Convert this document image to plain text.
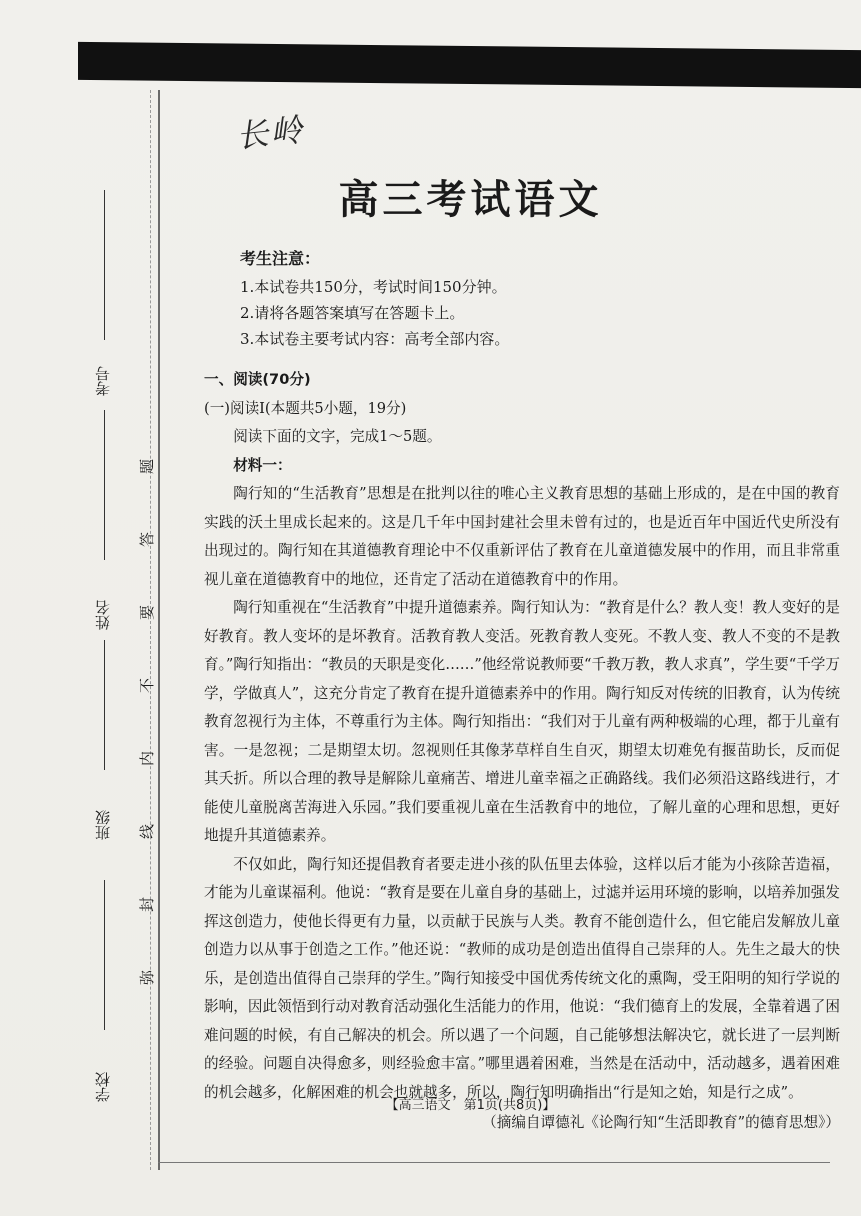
考号
姓名
班级
学校
题
答
要
不
内
线
封
弥
长岭
高三考试语文
考生注意：
1.本试卷共150分，考试时间150分钟。
2.请将各题答案填写在答题卡上。
3.本试卷主要考试内容：高考全部内容。
一、阅读(70分)
(一)阅读Ⅰ(本题共5小题，19分)
阅读下面的文字，完成1～5题。
材料一：
陶行知的“生活教育”思想是在批判以往的唯心主义教育思想的基础上形成的，是在中国的教育实践的沃土里成长起来的。这是几千年中国封建社会里未曾有过的，也是近百年中国近代史所没有出现过的。陶行知在其道德教育理论中不仅重新评估了教育在儿童道德发展中的作用，而且非常重视儿童在道德教育中的地位，还肯定了活动在道德教育中的作用。
陶行知重视在“生活教育”中提升道德素养。陶行知认为：“教育是什么？教人变！教人变好的是好教育。教人变坏的是坏教育。活教育教人变活。死教育教人变死。不教人变、教人不变的不是教育。”陶行知指出：“教员的天职是变化……”他经常说教师要“千教万教，教人求真”，学生要“千学万学，学做真人”，这充分肯定了教育在提升道德素养中的作用。陶行知反对传统的旧教育，认为传统教育忽视行为主体，不尊重行为主体。陶行知指出：“我们对于儿童有两种极端的心理，都于儿童有害。一是忽视；二是期望太切。忽视则任其像茅草样自生自灭，期望太切难免有揠苗助长，反而促其夭折。所以合理的教导是解除儿童痛苦、增进儿童幸福之正确路线。我们必须沿这路线进行，才能使儿童脱离苦海进入乐园。”我们要重视儿童在生活教育中的地位，了解儿童的心理和思想，更好地提升其道德素养。
不仅如此，陶行知还提倡教育者要走进小孩的队伍里去体验，这样以后才能为小孩除苦造福，才能为儿童谋福利。他说：“教育是要在儿童自身的基础上，过滤并运用环境的影响，以培养加强发挥这创造力，使他长得更有力量，以贡献于民族与人类。教育不能创造什么，但它能启发解放儿童创造力以从事于创造之工作。”他还说：“教师的成功是创造出值得自己崇拜的人。先生之最大的快乐，是创造出值得自己崇拜的学生。”陶行知接受中国优秀传统文化的熏陶，受王阳明的知行学说的影响，因此领悟到行动对教育活动强化生活能力的作用，他说：“我们德育上的发展，全靠着遇了困难问题的时候，有自己解决的机会。所以遇了一个问题，自己能够想法解决它，就长进了一层判断的经验。问题自决得愈多，则经验愈丰富。”哪里遇着困难，当然是在活动中，活动越多，遇着困难的机会越多，化解困难的机会也就越多，所以，陶行知明确指出“行是知之始，知是行之成”。
（摘编自谭德礼《论陶行知“生活即教育”的德育思想》）
【高三语文　第1页(共8页)】
